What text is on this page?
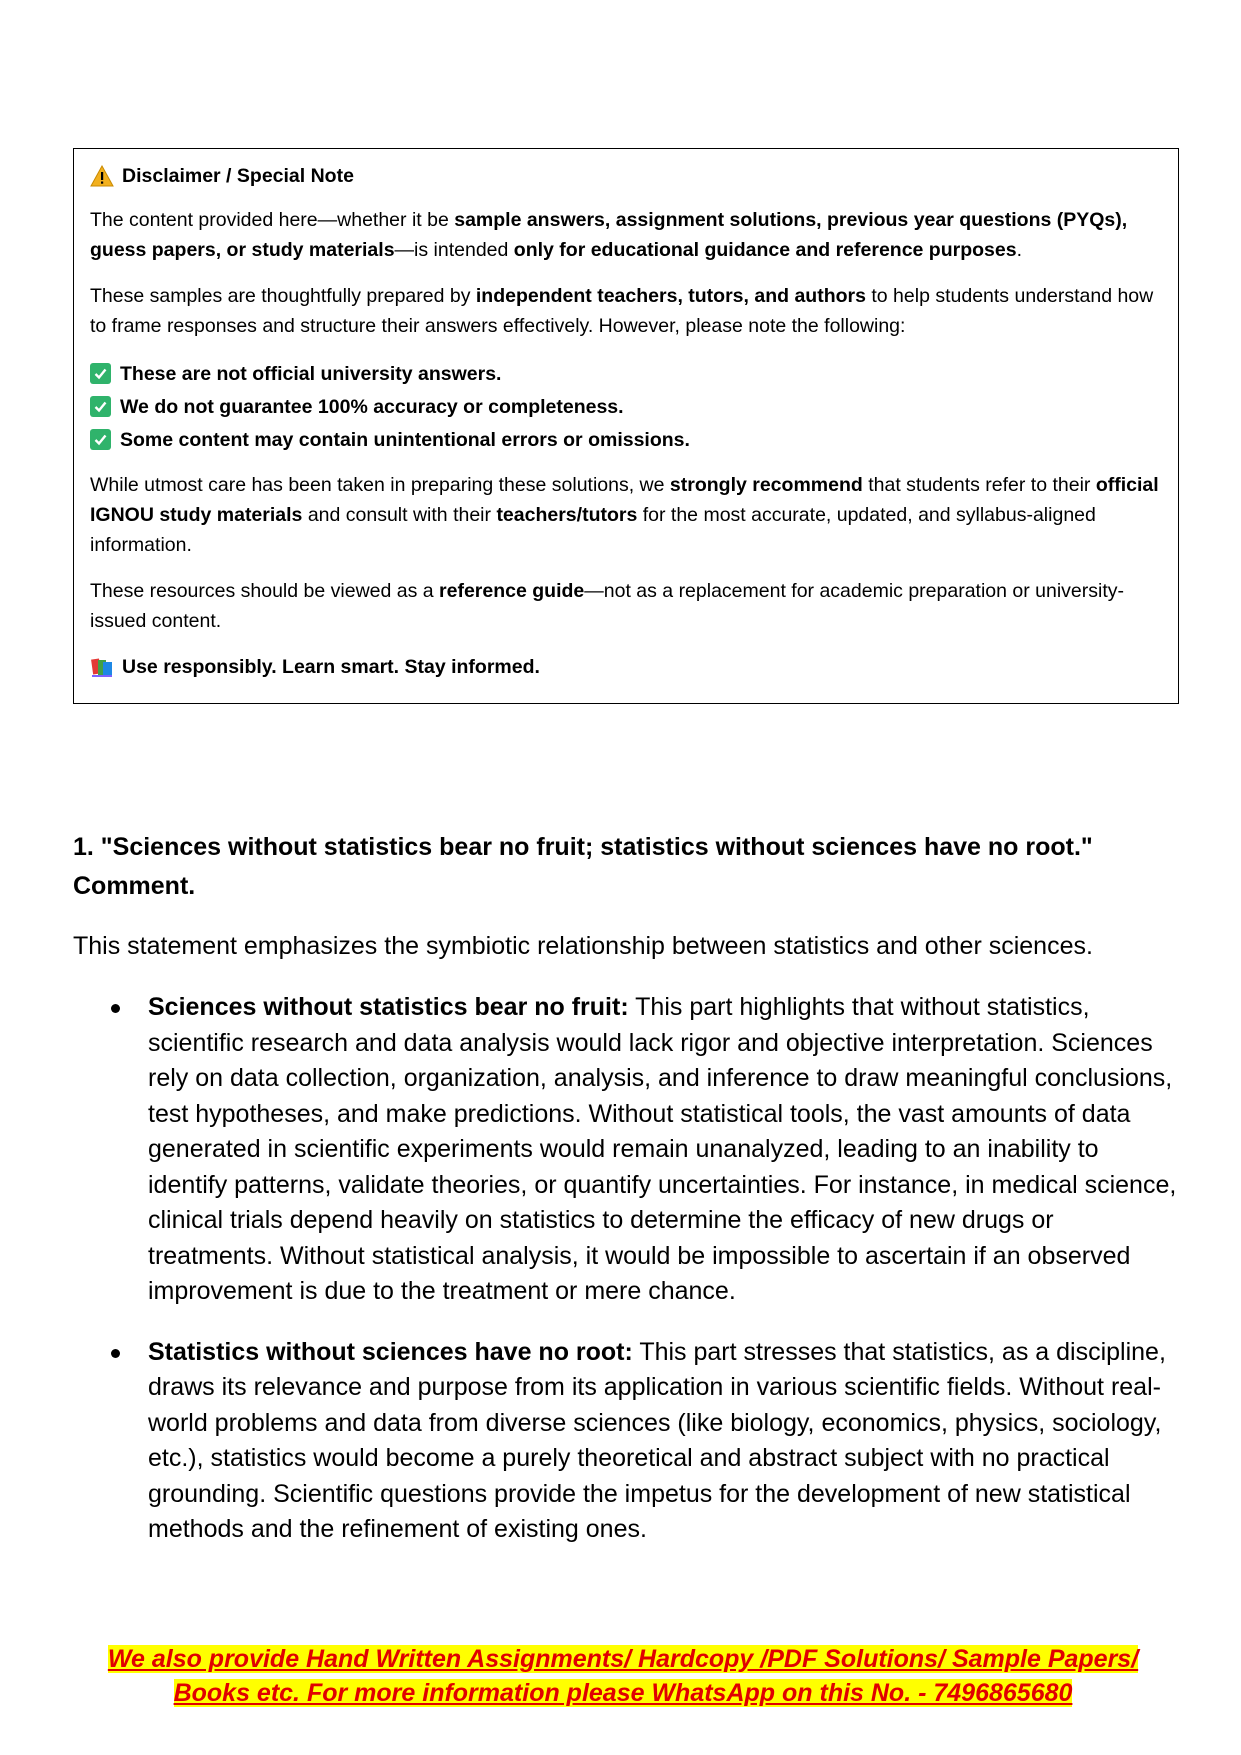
Disclaimer / Special Note

The content provided here—whether it be sample answers, assignment solutions, previous year questions (PYQs), guess papers, or study materials—is intended only for educational guidance and reference purposes.

These samples are thoughtfully prepared by independent teachers, tutors, and authors to help students understand how to frame responses and structure their answers effectively. However, please note the following:

These are not official university answers.
We do not guarantee 100% accuracy or completeness.
Some content may contain unintentional errors or omissions.

While utmost care has been taken in preparing these solutions, we strongly recommend that students refer to their official IGNOU study materials and consult with their teachers/tutors for the most accurate, updated, and syllabus-aligned information.

These resources should be viewed as a reference guide—not as a replacement for academic preparation or university-issued content.

Use responsibly. Learn smart. Stay informed.
1. "Sciences without statistics bear no fruit; statistics without sciences have no root." Comment.

This statement emphasizes the symbiotic relationship between statistics and other sciences.

Sciences without statistics bear no fruit: This part highlights that without statistics, scientific research and data analysis would lack rigor and objective interpretation. Sciences rely on data collection, organization, analysis, and inference to draw meaningful conclusions, test hypotheses, and make predictions. Without statistical tools, the vast amounts of data generated in scientific experiments would remain unanalyzed, leading to an inability to identify patterns, validate theories, or quantify uncertainties. For instance, in medical science, clinical trials depend heavily on statistics to determine the efficacy of new drugs or treatments. Without statistical analysis, it would be impossible to ascertain if an observed improvement is due to the treatment or mere chance.
Statistics without sciences have no root: This part stresses that statistics, as a discipline, draws its relevance and purpose from its application in various scientific fields. Without real-world problems and data from diverse sciences (like biology, economics, physics, sociology, etc.), statistics would become a purely theoretical and abstract subject with no practical grounding. Scientific questions provide the impetus for the development of new statistical methods and the refinement of existing ones.
We also provide Hand Written Assignments/ Hardcopy /PDF Solutions/ Sample Papers/
Books etc. For more information please WhatsApp on this No. - 7496865680
